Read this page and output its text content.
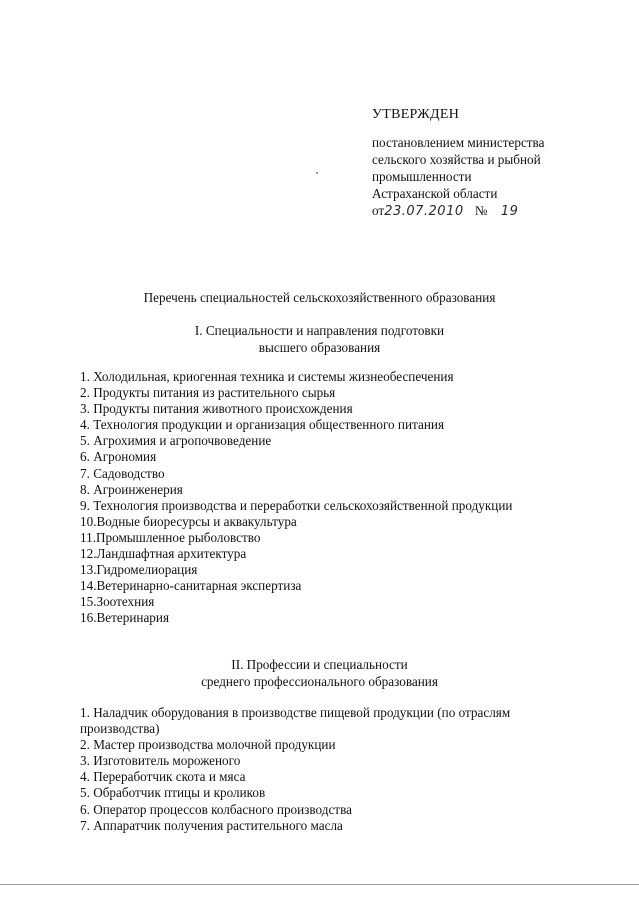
УТВЕРЖДЕН
постановлением министерства
сельского хозяйства и рыбной
промышленности
Астраханской области
от23.07.2010 № 19
Перечень специальностей сельскохозяйственного образования
I. Специальности и направления подготовки
высшего образования
1. Холодильная, криогенная техника и системы жизнеобеспечения
2. Продукты питания из растительного сырья
3. Продукты питания животного происхождения
4. Технология продукции и организация общественного питания
5. Агрохимия и агропочвоведение
6. Агрономия
7. Садоводство
8. Агроинженерия
9. Технология производства и переработки сельскохозяйственной продукции
10.Водные биоресурсы и аквакультура
11.Промышленное рыболовство
12.Ландшафтная архитектура
13.Гидромелиорация
14.Ветеринарно-санитарная экспертиза
15.Зоотехния
16.Ветеринария
II. Профессии и специальности
среднего профессионального образования
1. Наладчик оборудования в производстве пищевой продукции (по отраслям производства)
2. Мастер производства молочной продукции
3. Изготовитель мороженого
4. Переработчик скота и мяса
5. Обработчик птицы и кроликов
6. Оператор процессов колбасного производства
7. Аппаратчик получения растительного масла
